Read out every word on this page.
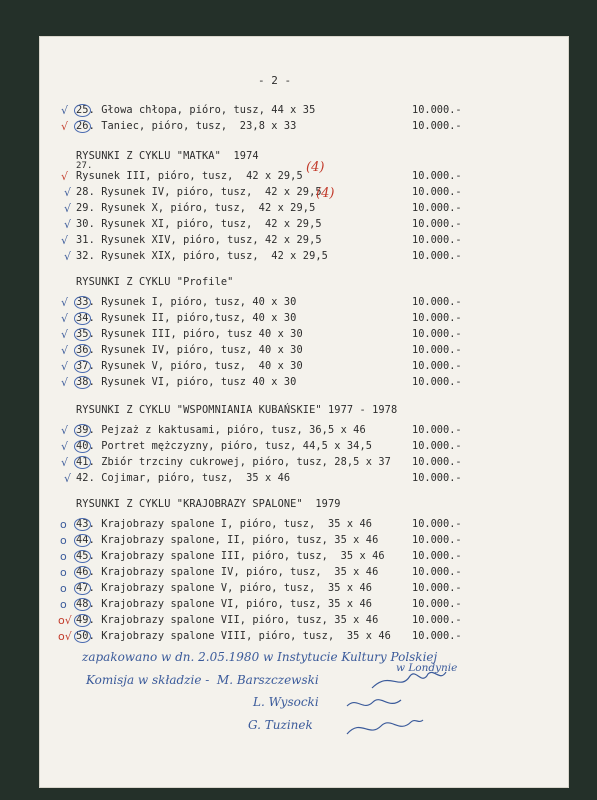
- 2 -
25. Głowa chłopa, pióro, tusz, 44 x 35	10.000.-
26. Taniec, pióro, tusz,  23,8 x 33	10.000.-
√
√
RYSUNKI Z CYKLU "MATKA"  1974
27.
Rysunek III, pióro, tusz,  42 x 29,5	10.000.-
28. Rysunek IV, pióro, tusz,  42 x 29,5	10.000.-
29. Rysunek X, pióro, tusz,  42 x 29,5	10.000.-
30. Rysunek XI, pióro, tusz,  42 x 29,5	10.000.-
31. Rysunek XIV, pióro, tusz, 42 x 29,5	10.000.-
32. Rysunek XIX, pióro, tusz,  42 x 29,5	10.000.-
(4)
(4)
√
√
√
√
√
√
RYSUNKI Z CYKLU "Profile"
33. Rysunek I, pióro, tusz, 40 x 30	10.000.-
34. Rysunek II, pióro,tusz, 40 x 30	10.000.-
35. Rysunek III, pióro, tusz 40 x 30	10.000.-
36. Rysunek IV, pióro, tusz, 40 x 30	10.000.-
37. Rysunek V, pióro, tusz,  40 x 30	10.000.-
38. Rysunek VI, pióro, tusz 40 x 30	10.000.-
√
√
√
√
√
√
RYSUNKI Z CYKLU "WSPOMNIANIA KUBAŃSKIE" 1977 - 1978
39. Pejzaż z kaktusami, pióro, tusz, 36,5 x 46	10.000.-
40. Portret mężczyzny, pióro, tusz, 44,5 x 34,5	10.000.-
41. Zbiór trzciny cukrowej, pióro, tusz, 28,5 x 37 10.000.-
42. Cojimar, pióro, tusz,  35 x 46	10.000.-
√
√
√
√
RYSUNKI Z CYKLU "KRAJOBRAZY SPALONE"  1979
43. Krajobrazy spalone I, pióro, tusz,  35 x 46	10.000.-
44. Krajobrazy spalone, II, pióro, tusz, 35 x 46	10.000.-
45. Krajobrazy spalone III, pióro, tusz,  35 x 46	10.000.-
46. Krajobrazy spalone IV, pióro, tusz,  35 x 46	10.000.-
47. Krajobrazy spalone V, pióro, tusz,  35 x 46	10.000.-
48. Krajobrazy spalone VI, pióro, tusz, 35 x 46	10.000.-
49. Krajobrazy spalone VII, pióro, tusz, 35 x 46	10.000.-
50. Krajobrazy spalone VIII, pióro, tusz,  35 x 46 10.000.-
o
o
o
o
o
o
o√
o√
zapakowano w dn. 2.05.1980 w Instytucie Kultury Polskiej
w Londynie
Komisja w składzie -  M. Barszczewski
L. Wysocki
G. Tuzinek
